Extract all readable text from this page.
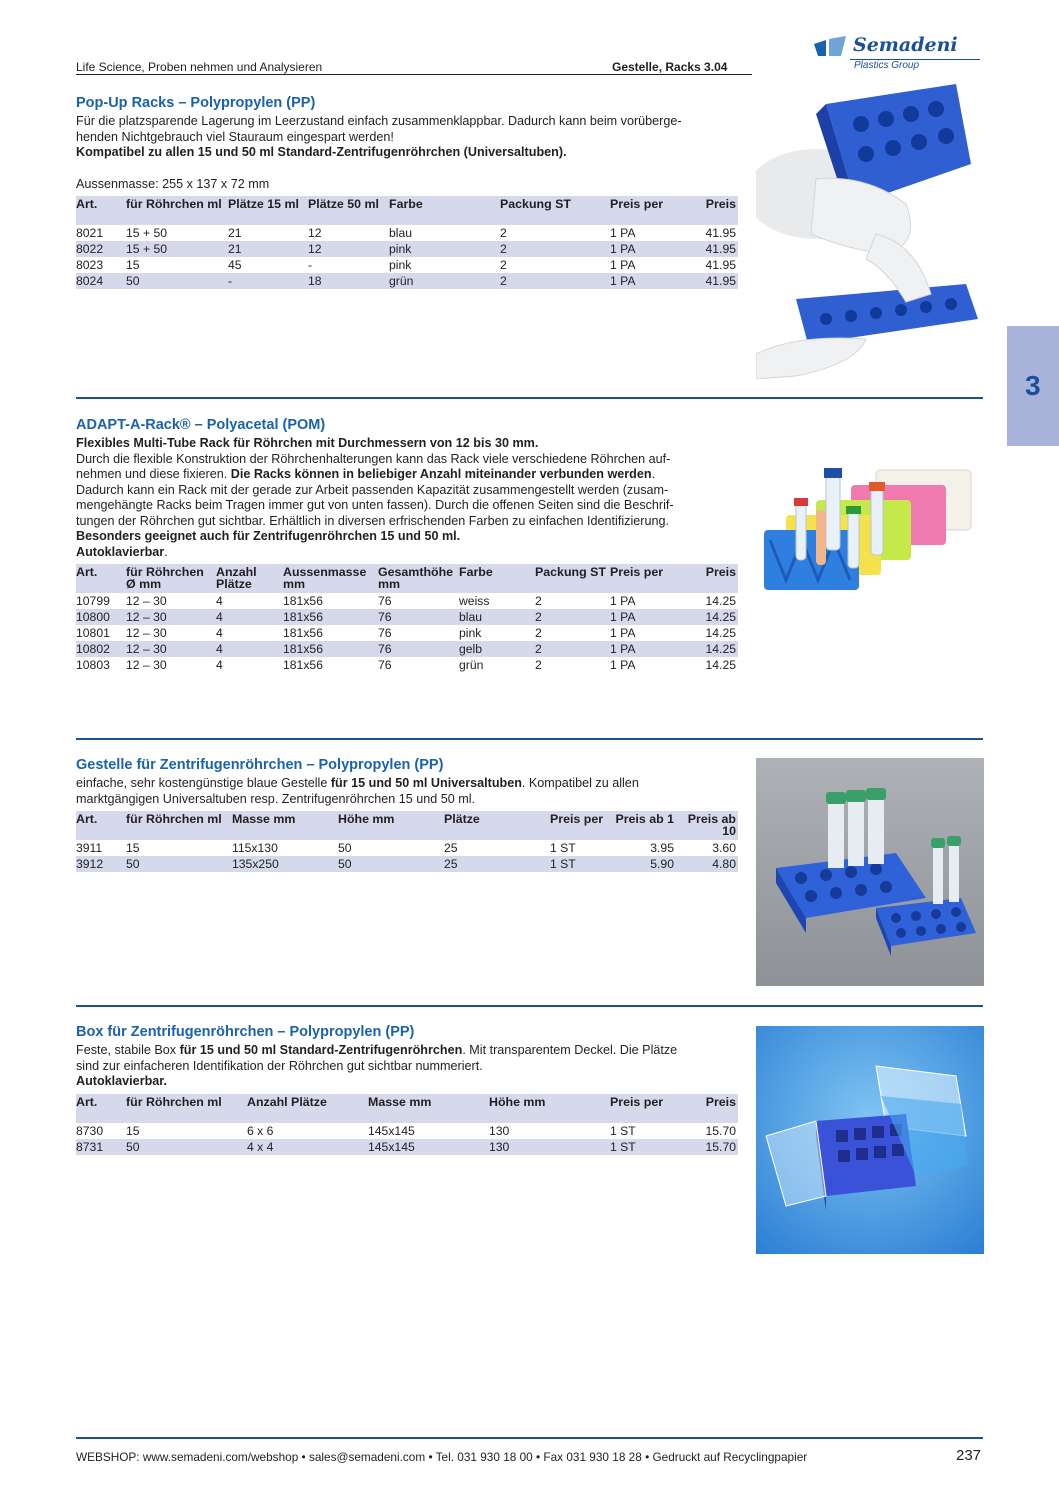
Life Science, Proben nehmen und Analysieren	Gestelle, Racks 3.04
Semadeni
Plastics Group
3
Pop-Up Racks – Polypropylen (PP)
Für die platzsparende Lagerung im Leerzustand einfach zusammenklappbar. Dadurch kann beim vorüberge-
henden Nichtgebrauch viel Stauraum eingespart werden!
Kompatibel zu allen 15 und 50 ml Standard-Zentrifugenröhrchen (Universaltuben).
Aussenmasse: 255 x 137 x 72 mm
Art.	für Röhrchen ml	Plätze 15 ml	Plätze 50 ml	Farbe	Packung ST	Preis per	Preis
8021	15 + 50	21	12	blau	2	1 PA	41.95
8022	15 + 50	21	12	pink	2	1 PA	41.95
8023	15	45	-	pink	2	1 PA	41.95
8024	50	-	18	grün	2	1 PA	41.95
ADAPT-A-Rack® – Polyacetal (POM)
Flexibles Multi-Tube Rack für Röhrchen mit Durchmessern von 12 bis 30 mm.
Durch die flexible Konstruktion der Röhrchenhalterungen kann das Rack viele verschiedene Röhrchen auf-
nehmen und diese fixieren. Die Racks können in beliebiger Anzahl miteinander verbunden werden.
Dadurch kann ein Rack mit der gerade zur Arbeit passenden Kapazität zusammengestellt werden (zusam-
mengehängte Racks beim Tragen immer gut von unten fassen). Durch die offenen Seiten sind die Beschrif-
tungen der Röhrchen gut sichtbar. Erhältlich in diversen erfrischenden Farben zu einfachen Identifizierung.
Besonders geeignet auch für Zentrifugenröhrchen 15 und 50 ml.
Autoklavierbar.
Art.	für Röhrchen Ø mm	Anzahl Plätze	Aussenmasse mm	Gesamthöhe mm	Farbe	Packung ST	Preis per	Preis
10799	12 – 30	4	181x56	76	weiss	2	1 PA	14.25
10800	12 – 30	4	181x56	76	blau	2	1 PA	14.25
10801	12 – 30	4	181x56	76	pink	2	1 PA	14.25
10802	12 – 30	4	181x56	76	gelb	2	1 PA	14.25
10803	12 – 30	4	181x56	76	grün	2	1 PA	14.25
Gestelle für Zentrifugenröhrchen – Polypropylen (PP)
einfache, sehr kostengünstige blaue Gestelle für 15 und 50 ml Universaltuben. Kompatibel zu allen
marktgängigen Universaltuben resp. Zentrifugenröhrchen 15 und 50 ml.
Art.	für Röhrchen ml	Masse mm	Höhe mm	Plätze	Preis per	Preis ab 1	Preis ab 10
3911	15	115x130	50	25	1 ST	3.95	3.60
3912	50	135x250	50	25	1 ST	5.90	4.80
Box für Zentrifugenröhrchen – Polypropylen (PP)
Feste, stabile Box für 15 und 50 ml Standard-Zentrifugenröhrchen. Mit transparentem Deckel. Die Plätze
sind zur einfacheren Identifikation der Röhrchen gut sichtbar nummeriert.
Autoklavierbar.
Art.	für Röhrchen ml	Anzahl Plätze	Masse mm	Höhe mm	Preis per	Preis
8730	15	6 x 6	145x145	130	1 ST	15.70
8731	50	4 x 4	145x145	130	1 ST	15.70
WEBSHOP: www.semadeni.com/webshop • sales@semadeni.com • Tel. 031 930 18 00 • Fax 031 930 18 28 • Gedruckt auf Recyclingpapier	237
